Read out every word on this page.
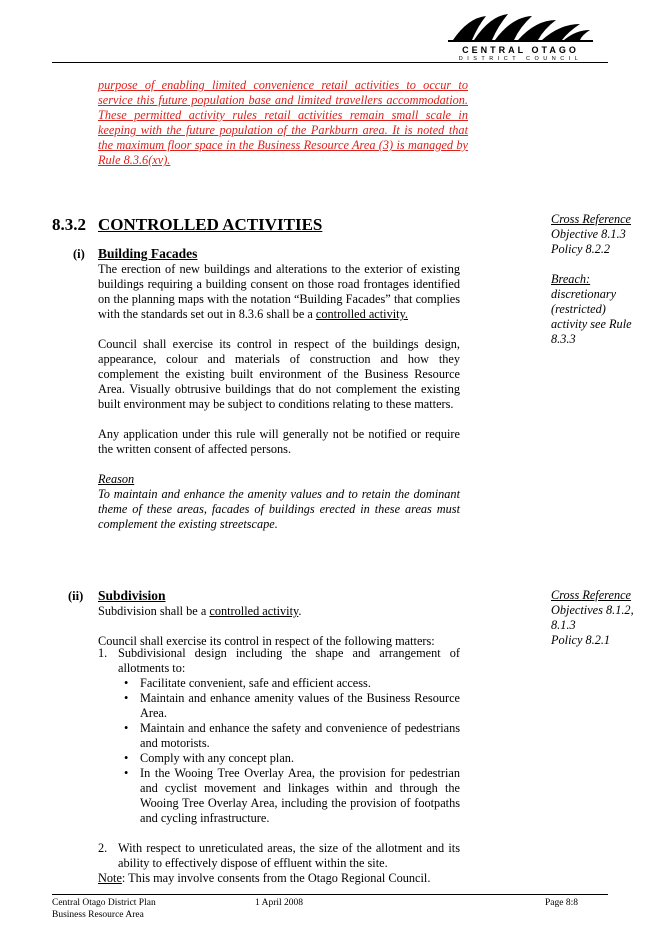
CENTRAL OTAGO
DISTRICT COUNCIL
purpose of enabling limited convenience retail activities to occur to service this future population base and limited travellers accommodation. These permitted activity rules retail activities remain small scale in keeping with the future population of the Parkburn area. It is noted that the maximum floor space in the Business Resource Area (3) is managed by Rule 8.3.6(xv).
8.3.2 CONTROLLED ACTIVITIES	Cross Reference
Objective 8.1.3
Policy 8.2.2
Breach:
discretionary
(restricted)
activity see Rule
8.3.3
(i) Building Facades
The erection of new buildings and alterations to the exterior of existing buildings requiring a building consent on those road frontages identified on the planning maps with the notation “Building Facades” that complies with the standards set out in 8.3.6 shall be a controlled activity.
Council shall exercise its control in respect of the buildings design, appearance, colour and materials of construction and how they complement the existing built environment of the Business Resource Area. Visually obtrusive buildings that do not complement the existing built environment may be subject to conditions relating to these matters.
Any application under this rule will generally not be notified or require the written consent of affected persons.
Reason
To maintain and enhance the amenity values and to retain the dominant theme of these areas, facades of buildings erected in these areas must complement the existing streetscape.
Cross Reference
Objectives 8.1.2,
8.1.3
Policy 8.2.1
(ii) Subdivision
Subdivision shall be a controlled activity.
Council shall exercise its control in respect of the following matters:
1. Subdivisional design including the shape and arrangement of allotments to:
• Facilitate convenient, safe and efficient access.
• Maintain and enhance amenity values of the Business Resource Area.
• Maintain and enhance the safety and convenience of pedestrians and motorists.
• Comply with any concept plan.
• In the Wooing Tree Overlay Area, the provision for pedestrian and cyclist movement and linkages within and through the Wooing Tree Overlay Area, including the provision of footpaths and cycling infrastructure.
2. With respect to unreticulated areas, the size of the allotment and its ability to effectively dispose of effluent within the site.
Note: This may involve consents from the Otago Regional Council.
Central Otago District Plan
Business Resource Area
1 April 2008	Page 8:8
